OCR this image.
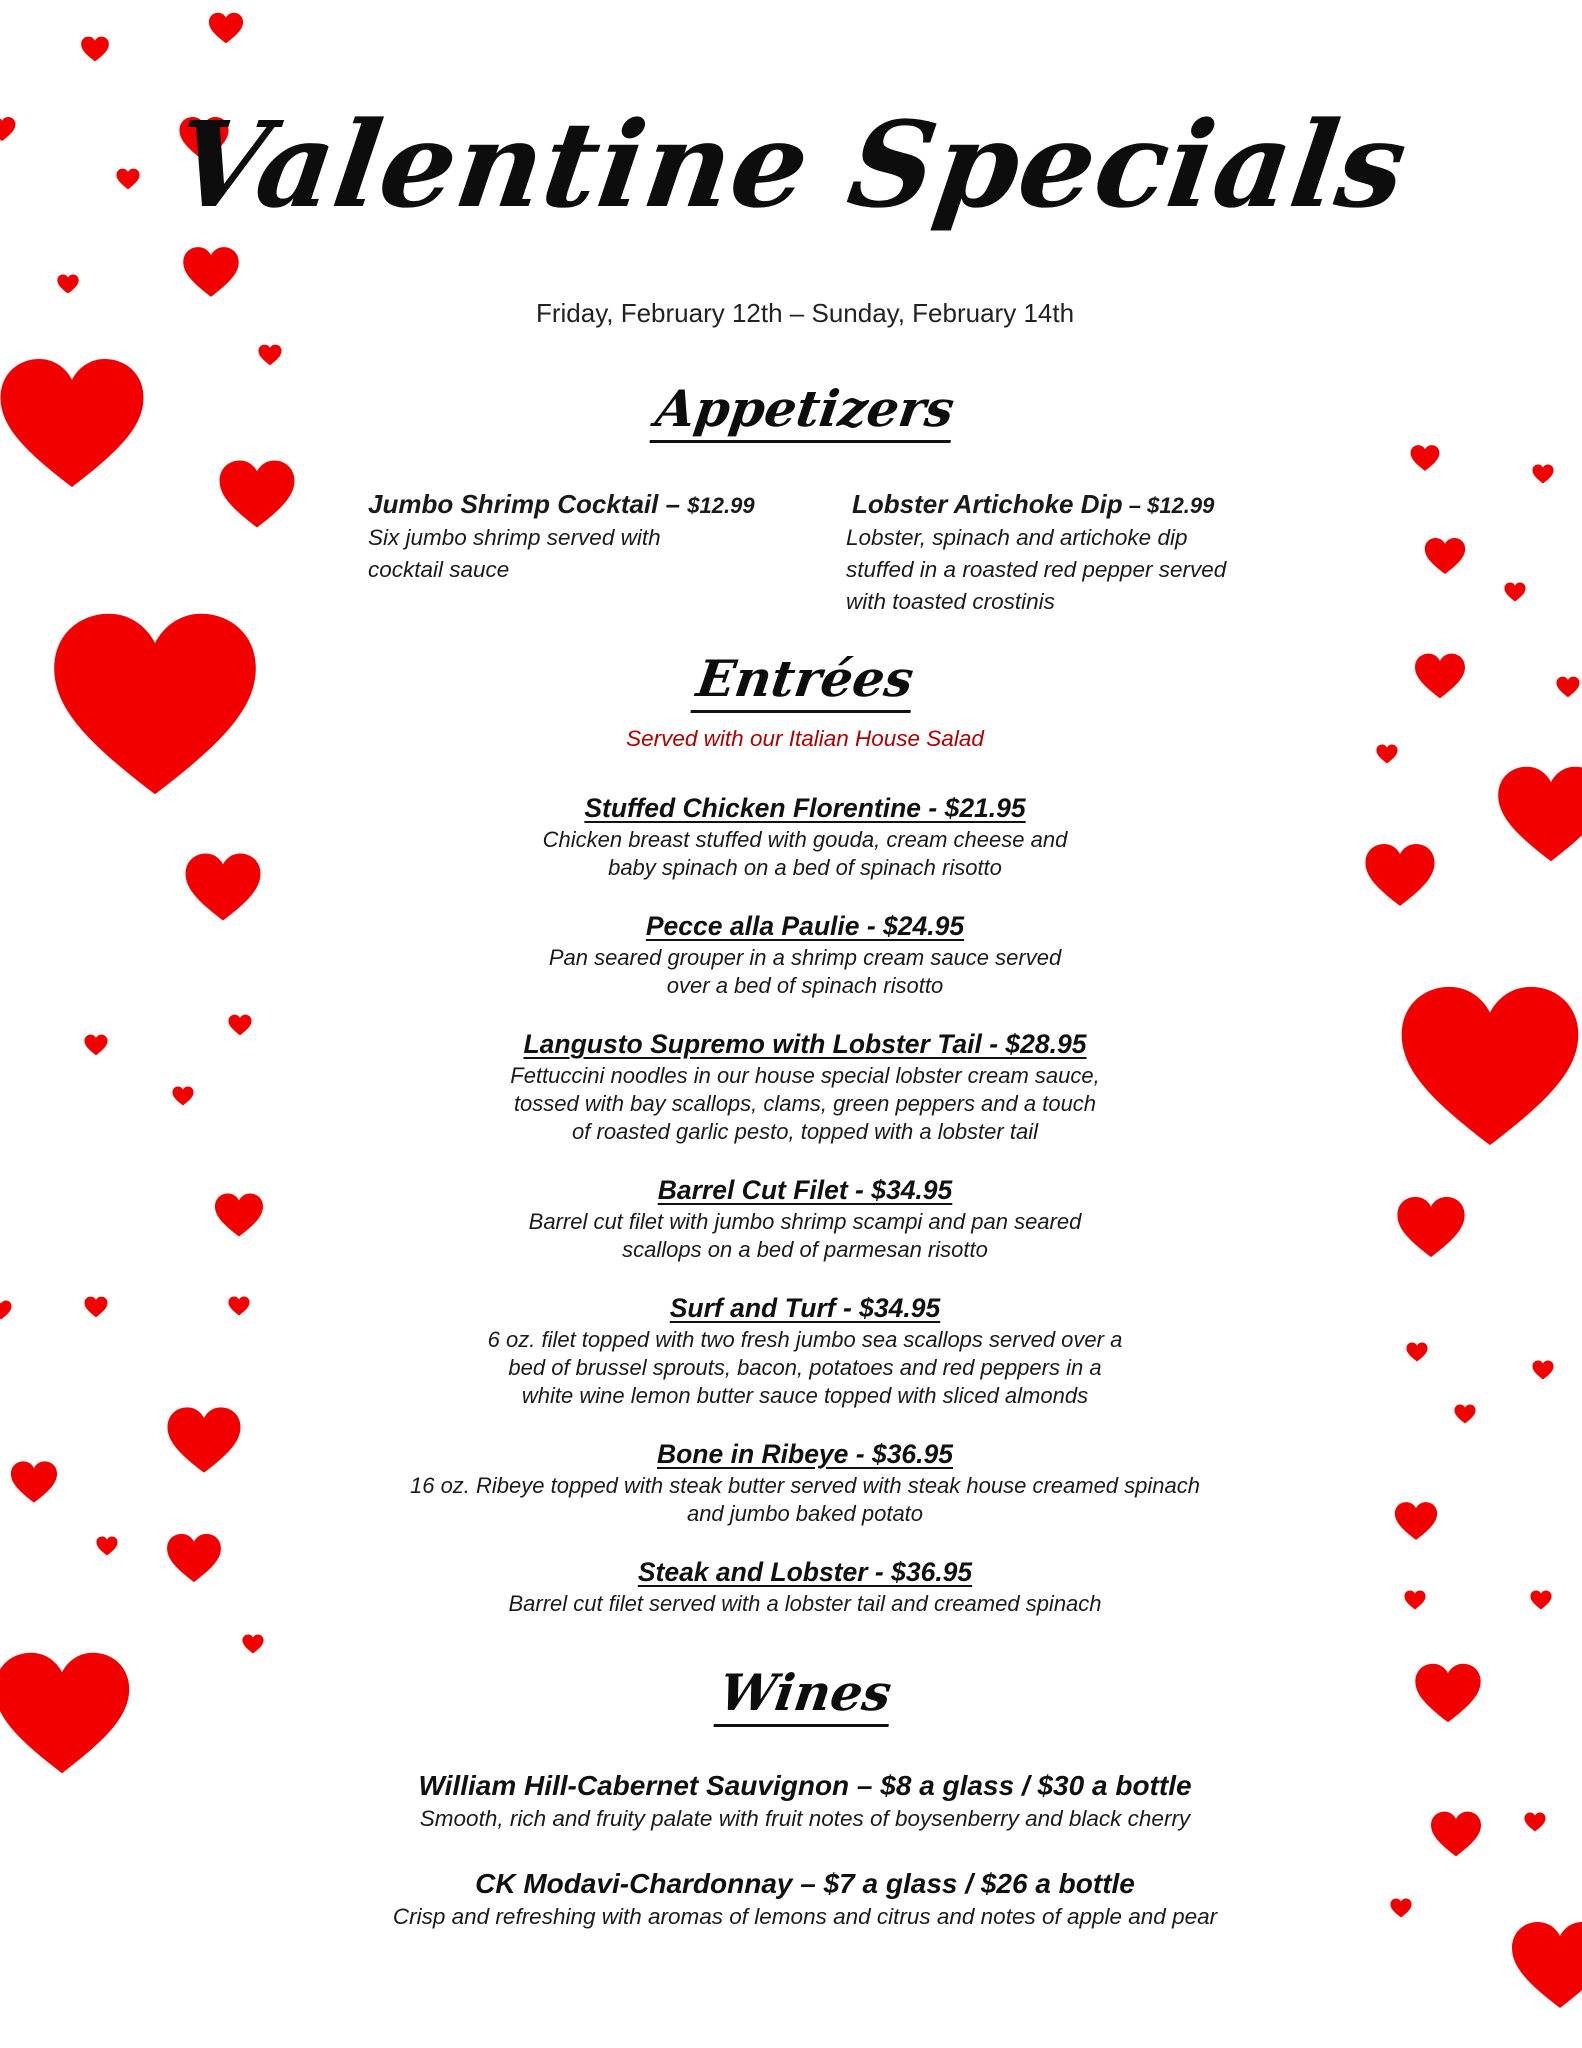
Valentine Specials
Friday, February 12th – Sunday, February 14th
Appetizers
Jumbo Shrimp Cocktail – $12.99
Six jumbo shrimp served with cocktail sauce
Lobster Artichoke Dip – $12.99
Lobster, spinach and artichoke dip stuffed in a roasted red pepper served with toasted crostinis
Entrées
Served with our Italian House Salad
Stuffed Chicken Florentine - $21.95
Chicken breast stuffed with gouda, cream cheese and
baby spinach on a bed of spinach risotto
Pecce alla Paulie - $24.95
Pan seared grouper in a shrimp cream sauce served
over a bed of spinach risotto
Langusto Supremo with Lobster Tail - $28.95
Fettuccini noodles in our house special lobster cream sauce,
tossed with bay scallops, clams, green peppers and a touch
of roasted garlic pesto, topped with a lobster tail
Barrel Cut Filet - $34.95
Barrel cut filet with jumbo shrimp scampi and pan seared
scallops on a bed of parmesan risotto
Surf and Turf - $34.95
6 oz. filet topped with two fresh jumbo sea scallops served over a
bed of brussel sprouts, bacon, potatoes and red peppers in a
white wine lemon butter sauce topped with sliced almonds
Bone in Ribeye - $36.95
16 oz. Ribeye topped with steak butter served with steak house creamed spinach
and jumbo baked potato
Steak and Lobster - $36.95
Barrel cut filet served with a lobster tail and creamed spinach
Wines
William Hill-Cabernet Sauvignon – $8 a glass / $30 a bottle
Smooth, rich and fruity palate with fruit notes of boysenberry and black cherry
CK Modavi-Chardonnay – $7 a glass / $26 a bottle
Crisp and refreshing with aromas of lemons and citrus and notes of apple and pear
